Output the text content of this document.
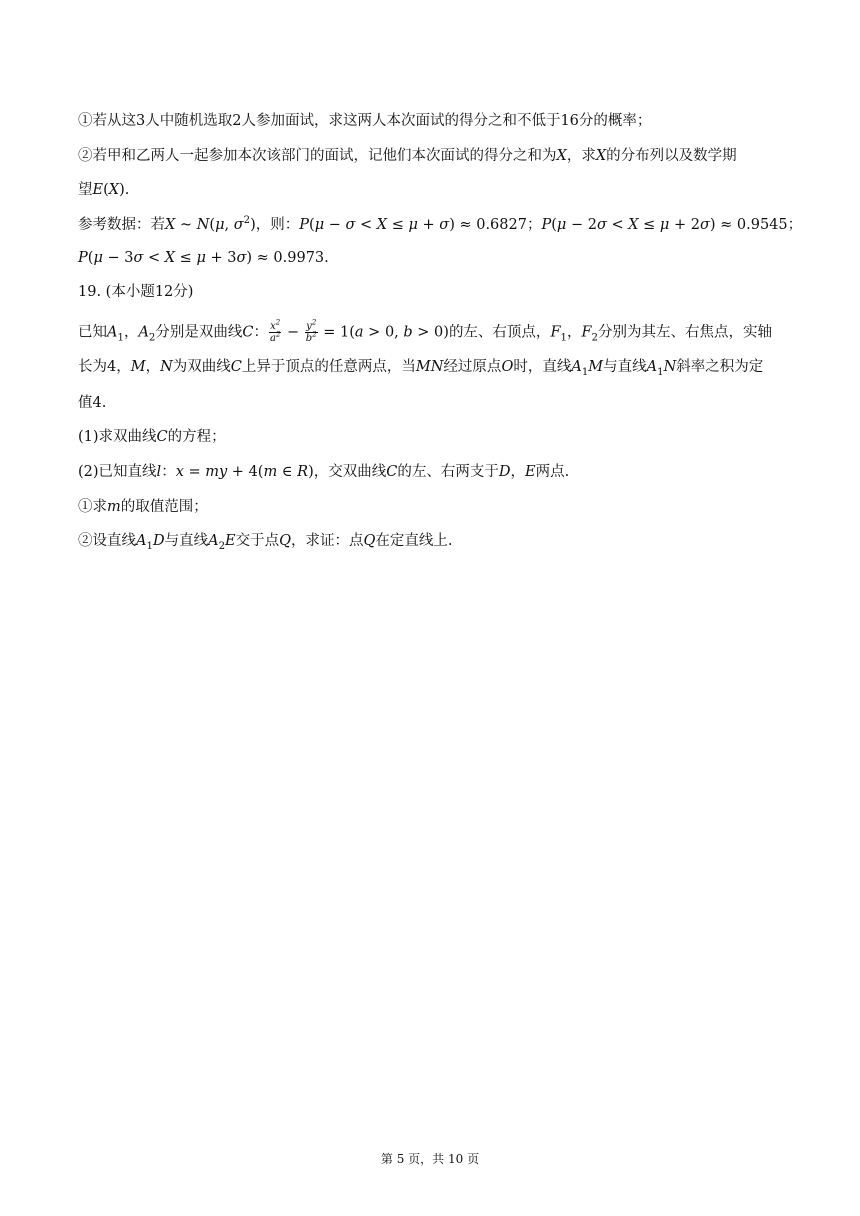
①若从这3人中随机选取2人参加面试，求这两人本次面试的得分之和不低于16分的概率；
②若甲和乙两人一起参加本次该部门的面试，记他们本次面试的得分之和为X，求X的分布列以及数学期
望E(X).
参考数据：若X ~ N(μ, $\sigma^2$)，则：P(μ − σ < X ≤ μ + σ) ≈ 0.6827；P(μ − 2σ < X ≤ μ + 2σ) ≈ 0.9545；
P(μ − 3σ < X ≤ μ + 3σ) ≈ 0.9973.
19. (本小题12分)
已知$A_1$，$A_2$分别是双曲线C： $\frac{x^2}{a^2} - \frac{y^2}{b^2} = 1(a > 0$, b > 0)的左、右顶点，$F_1$，$F_2$分别为其左、右焦点，实轴
长为4，M，N为双曲线C上异于顶点的任意两点，当MN经过原点O时，直线$A_1M$与直线$A_1N$斜率之积为定
值4.
(1)求双曲线C的方程；
(2)已知直线l：x = my + 4(m ∈ R)，交双曲线C的左、右两支于D，E两点.
①求m的取值范围；
②设直线$A_1D$与直线$A_2E$交于点Q，求证：点Q在定直线上.
第 5 页，共 10 页
